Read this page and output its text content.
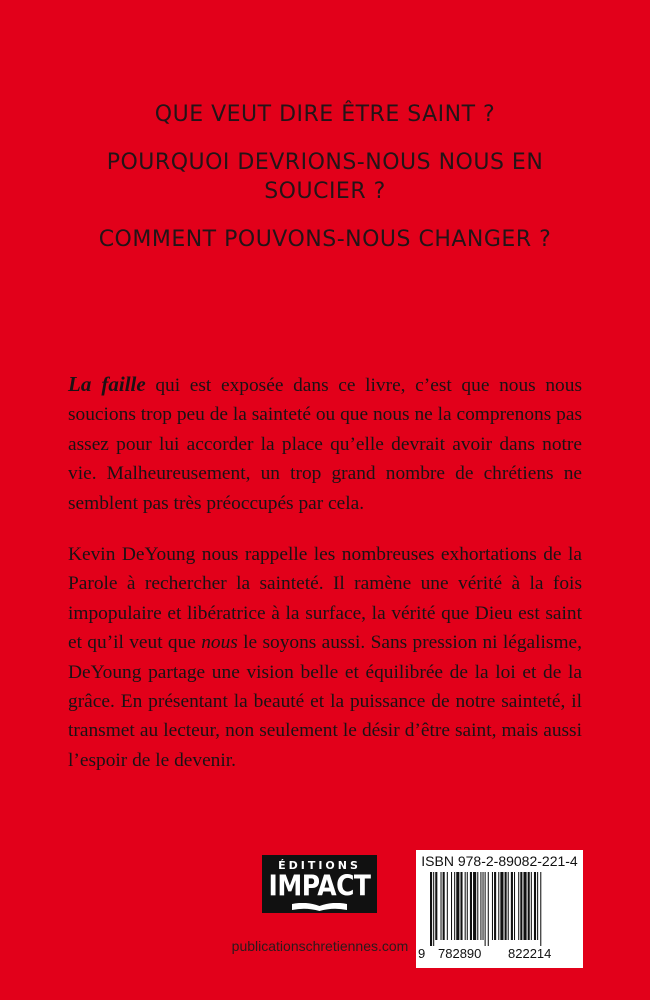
QUE VEUT DIRE ÊTRE SAINT ?
POURQUOI DEVRIONS-NOUS NOUS EN SOUCIER ?
COMMENT POUVONS-NOUS CHANGER ?

La faille qui est exposée dans ce livre, c’est que nous nous soucions trop peu de la sainteté ou que nous ne la comprenons pas assez pour lui accorder la place qu’elle devrait avoir dans notre vie. Malheureusement, un trop grand nombre de chrétiens ne semblent pas très préoccupés par cela.

Kevin DeYoung nous rappelle les nombreuses exhortations de la Parole à rechercher la sainteté. Il ramène une vérité à la fois impopulaire et libératrice à la surface, la vérité que Dieu est saint et qu’il veut que nous le soyons aussi. Sans pression ni légalisme, DeYoung partage une vision belle et équilibrée de la loi et de la grâce. En présentant la beauté et la puissance de notre sainteté, il transmet au lecteur, non seulement le désir d’être saint, mais aussi l’espoir de le devenir.

ÉDITIONS
IMPACT
publicationschretiennes.com
ISBN 978-2-89082-221-4
9 782890 822214
